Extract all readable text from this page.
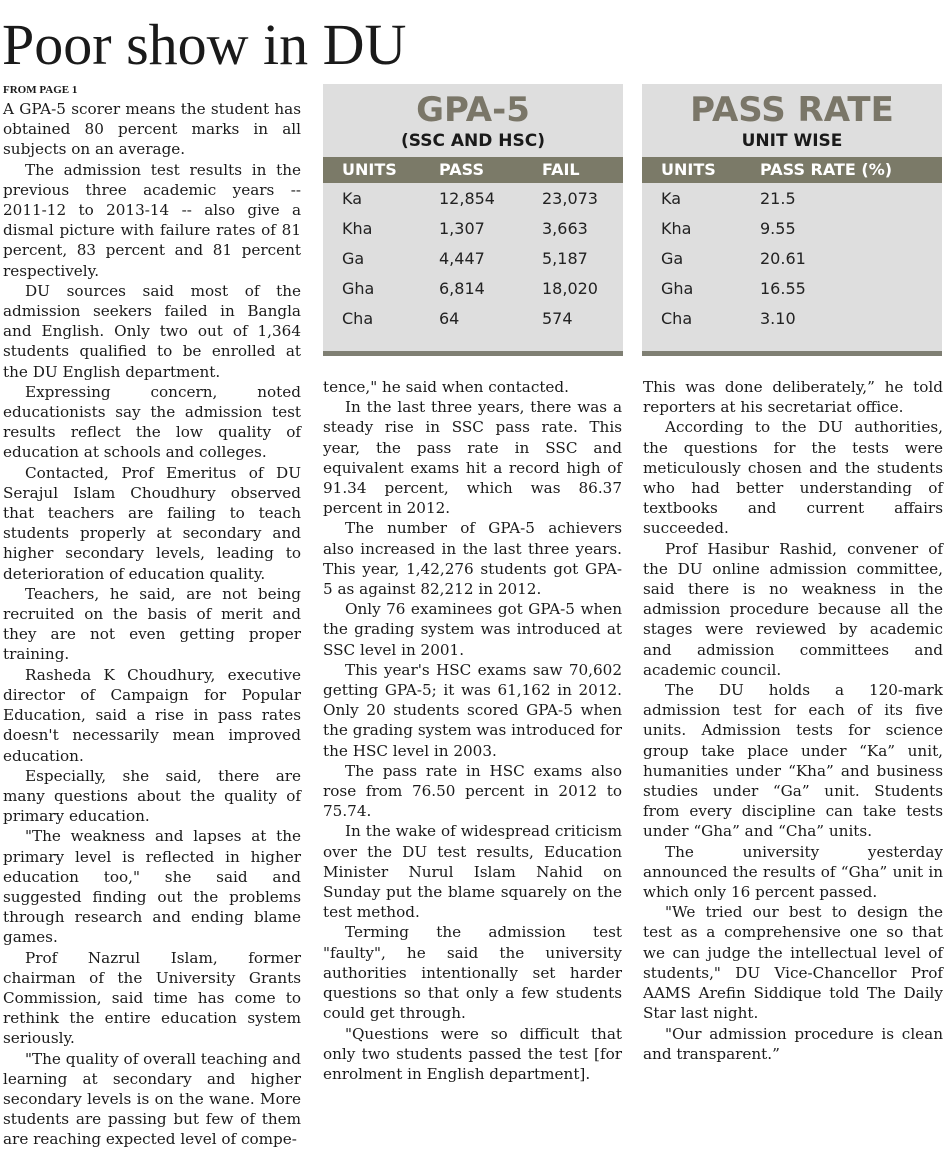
Poor show in DU
FROM PAGE 1

A GPA-5 scorer means the student has obtained 80 percent marks in all subjects on an average.

The admission test results in the previous three academic years -- 2011-12 to 2013-14 -- also give a dismal picture with failure rates of 81 percent, 83 percent and 81 percent respectively.

DU sources said most of the admission seekers failed in Bangla and English. Only two out of 1,364 students qualified to be enrolled at the DU English department.

Expressing concern, noted educationists say the admission test results reflect the low quality of education at schools and colleges.

Contacted, Prof Emeritus of DU Serajul Islam Choudhury observed that teachers are failing to teach students properly at secondary and higher secondary levels, leading to deterioration of education quality.

Teachers, he said, are not being recruited on the basis of merit and they are not even getting proper training.

Rasheda K Choudhury, executive director of Campaign for Popular Education, said a rise in pass rates doesn't necessarily mean improved education.

Especially, she said, there are many questions about the quality of primary education.

"The weakness and lapses at the primary level is reflected in higher education too," she said and suggested finding out the problems through research and ending blame games.

Prof Nazrul Islam, former chairman of the University Grants Commission, said time has come to rethink the entire education system seriously.

"The quality of overall teaching and learning at secondary and higher secondary levels is on the wane. More students are passing but few of them are reaching expected level of compe-

GPA-5
(SSC AND HSC)
UNITS	PASS	FAIL
Ka	12,854	23,073
Kha	1,307	3,663
Ga	4,447	5,187
Gha	6,814	18,020
Cha	64	574
PASS RATE
UNIT WISE
UNITS	PASS RATE (%)
Ka	21.5
Kha	9.55
Ga	20.61
Gha	16.55
Cha	3.10

tence," he said when contacted.

In the last three years, there was a steady rise in SSC pass rate. This year, the pass rate in SSC and equivalent exams hit a record high of 91.34 percent, which was 86.37 percent in 2012.

The number of GPA-5 achievers also increased in the last three years. This year, 1,42,276 students got GPA-5 as against 82,212 in 2012.

Only 76 examinees got GPA-5 when the grading system was introduced at SSC level in 2001.

This year's HSC exams saw 70,602 getting GPA-5; it was 61,162 in 2012. Only 20 students scored GPA-5 when the grading system was introduced for the HSC level in 2003.

The pass rate in HSC exams also rose from 76.50 percent in 2012 to 75.74.

In the wake of widespread criticism over the DU test results, Education Minister Nurul Islam Nahid on Sunday put the blame squarely on the test method.

Terming the admission test "faulty", he said the university authorities intentionally set harder questions so that only a few students could get through.

"Questions were so difficult that only two students passed the test [for enrolment in English department].

This was done deliberately,” he told reporters at his secretariat office.

According to the DU authorities, the questions for the tests were meticulously chosen and the students who had better understanding of textbooks and current affairs succeeded.

Prof Hasibur Rashid, convener of the DU online admission committee, said there is no weakness in the admission procedure because all the stages were reviewed by academic and admission committees and academic council.

The DU holds a 120-mark admission test for each of its five units. Admission tests for science group take place under “Ka” unit, humanities under “Kha” and business studies under “Ga” unit. Students from every discipline can take tests under “Gha” and “Cha” units.

The university yesterday announced the results of “Gha” unit in which only 16 percent passed.

"We tried our best to design the test as a comprehensive one so that we can judge the intellectual level of students," DU Vice-Chancellor Prof AAMS Arefin Siddique told The Daily Star last night.

"Our admission procedure is clean and transparent.”
